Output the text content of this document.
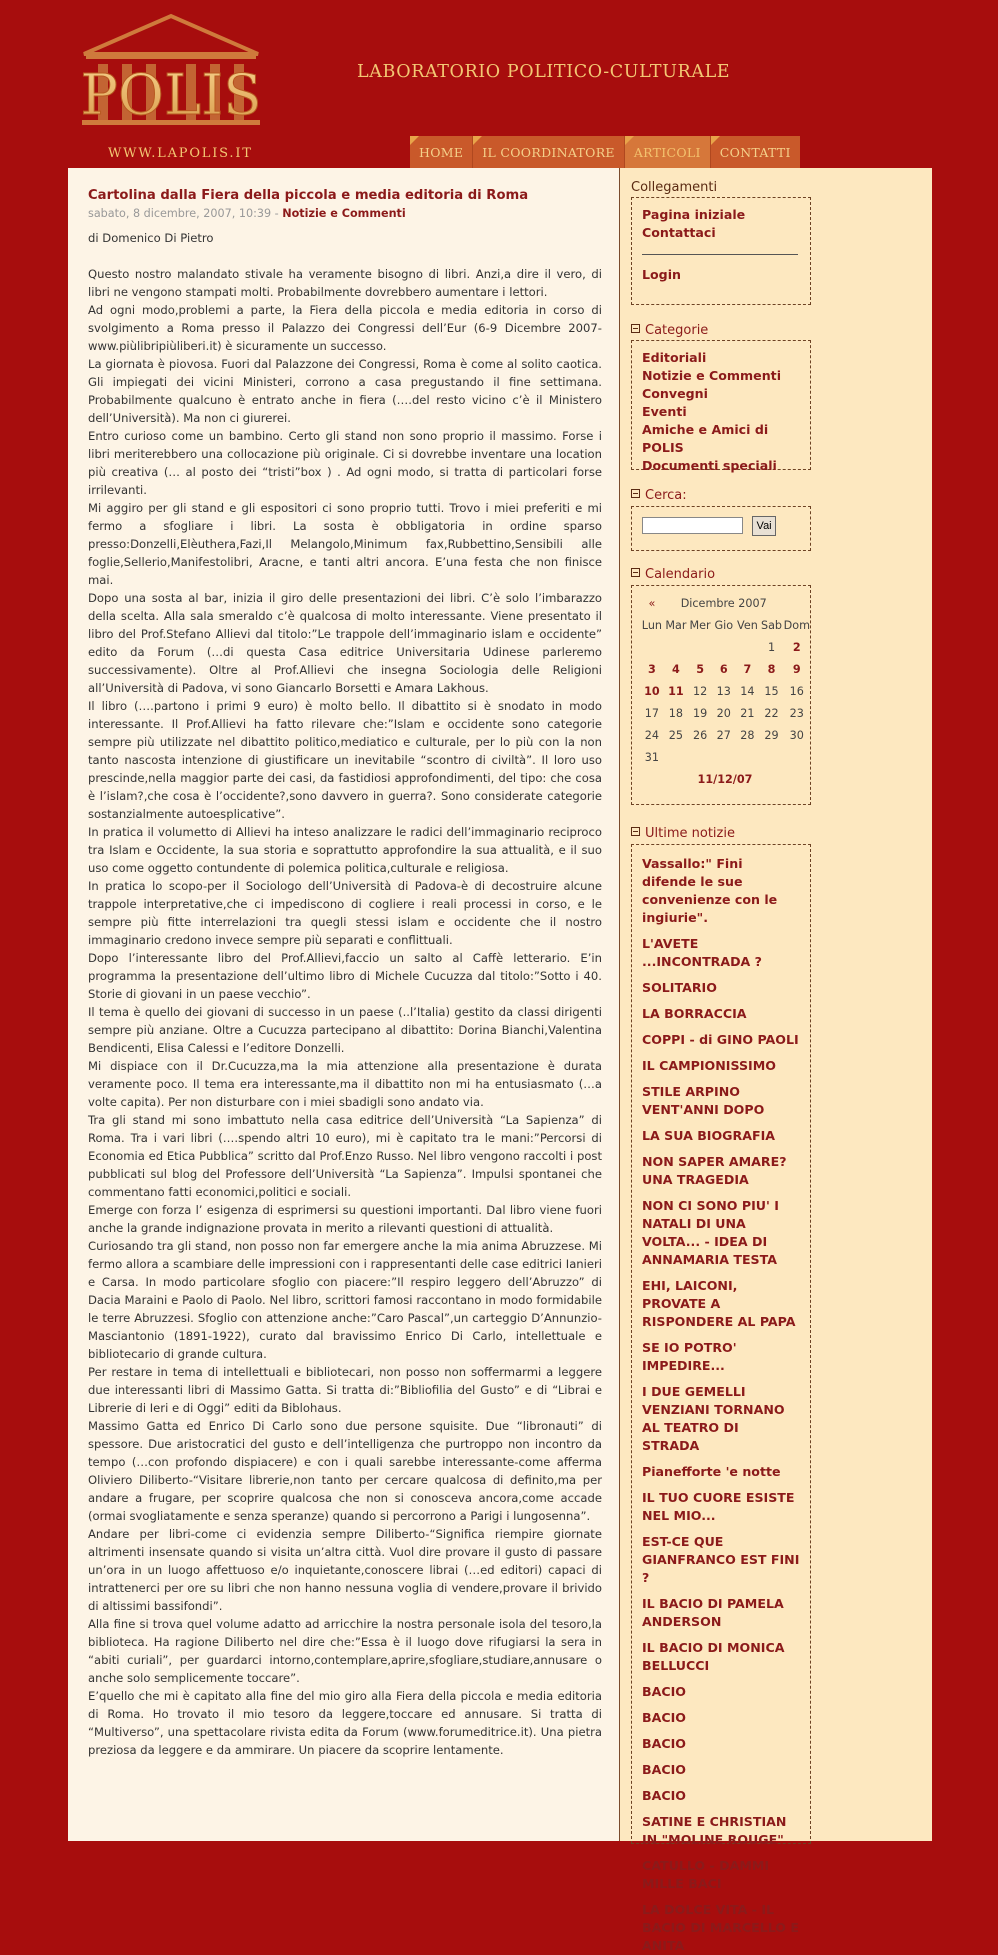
POLIS
WWW.LAPOLIS.IT
LABORATORIO POLITICO-CULTURALE
HOME	IL COORDINATORE	ARTICOLI	CONTATTI
Cartolina dalla Fiera della piccola e media editoria di Roma
sabato, 8 dicembre, 2007, 10:39 - Notizie e Commenti
di Domenico Di Pietro
Questo nostro malandato stivale ha veramente bisogno di libri. Anzi,a dire il vero, di libri ne vengono stampati molti. Probabilmente dovrebbero aumentare i lettori.
Ad ogni modo,problemi a parte, la Fiera della piccola e media editoria in corso di svolgimento a Roma presso il Palazzo dei Congressi dell’Eur (6-9 Dicembre 2007-www.piùlibripiùliberi.it) è sicuramente un successo.
La giornata è piovosa. Fuori dal Palazzone dei Congressi, Roma è come al solito caotica. Gli impiegati dei vicini Ministeri, corrono a casa pregustando il fine settimana. Probabilmente qualcuno è entrato anche in fiera (….del resto vicino c’è il Ministero dell’Università). Ma non ci giurerei.
Entro curioso come un bambino. Certo gli stand non sono proprio il massimo. Forse i libri meriterebbero una collocazione più originale. Ci si dovrebbe inventare una location più creativa (… al posto dei “tristi”box ) . Ad ogni modo, si tratta di particolari forse irrilevanti.
Mi aggiro per gli stand e gli espositori ci sono proprio tutti. Trovo i miei preferiti e mi fermo a sfogliare i libri. La sosta è obbligatoria in ordine sparso presso:Donzelli,Elèuthera,Fazi,Il Melangolo,Minimum fax,Rubbettino,Sensibili alle foglie,Sellerio,Manifestolibri, Aracne, e tanti altri ancora. E’una festa che non finisce mai.
Dopo una sosta al bar, inizia il giro delle presentazioni dei libri. C’è solo l’imbarazzo della scelta. Alla sala smeraldo c’è qualcosa di molto interessante. Viene presentato il libro del Prof.Stefano Allievi dal titolo:”Le trappole dell’immaginario islam e occidente” edito da Forum (…di questa Casa editrice Universitaria Udinese parleremo successivamente). Oltre al Prof.Allievi che insegna Sociologia delle Religioni all’Università di Padova, vi sono Giancarlo Borsetti e Amara Lakhous.
Il libro (….partono i primi 9 euro) è molto bello. Il dibattito si è snodato in modo interessante. Il Prof.Allievi ha fatto rilevare che:”Islam e occidente sono categorie sempre più utilizzate nel dibattito politico,mediatico e culturale, per lo più con la non tanto nascosta intenzione di giustificare un inevitabile “scontro di civiltà”. Il loro uso prescinde,nella maggior parte dei casi, da fastidiosi approfondimenti, del tipo: che cosa è l’islam?,che cosa è l’occidente?,sono davvero in guerra?. Sono considerate categorie sostanzialmente autoesplicative”.
In pratica il volumetto di Allievi ha inteso analizzare le radici dell’immaginario reciproco tra Islam e Occidente, la sua storia e soprattutto approfondire la sua attualità, e il suo uso come oggetto contundente di polemica politica,culturale e religiosa.
In pratica lo scopo-per il Sociologo dell’Università di Padova-è di decostruire alcune trappole interpretative,che ci impediscono di cogliere i reali processi in corso, e le sempre più fitte interrelazioni tra quegli stessi islam e occidente che il nostro immaginario credono invece sempre più separati e conflittuali.
Dopo l’interessante libro del Prof.Allievi,faccio un salto al Caffè letterario. E’in programma la presentazione dell’ultimo libro di Michele Cucuzza dal titolo:”Sotto i 40. Storie di giovani in un paese vecchio”.
Il tema è quello dei giovani di successo in un paese (..l’Italia) gestito da classi dirigenti sempre più anziane. Oltre a Cucuzza partecipano al dibattito: Dorina Bianchi,Valentina Bendicenti, Elisa Calessi e l’editore Donzelli.
Mi dispiace con il Dr.Cucuzza,ma la mia attenzione alla presentazione è durata veramente poco. Il tema era interessante,ma il dibattito non mi ha entusiasmato (…a volte capita). Per non disturbare con i miei sbadigli sono andato via.
Tra gli stand mi sono imbattuto nella casa editrice dell’Università “La Sapienza” di Roma. Tra i vari libri (….spendo altri 10 euro), mi è capitato tra le mani:”Percorsi di Economia ed Etica Pubblica” scritto dal Prof.Enzo Russo. Nel libro vengono raccolti i post pubblicati sul blog del Professore dell’Università “La Sapienza”. Impulsi spontanei che commentano fatti economici,politici e sociali.
Emerge con forza l’ esigenza di esprimersi su questioni importanti. Dal libro viene fuori anche la grande indignazione provata in merito a rilevanti questioni di attualità.
Curiosando tra gli stand, non posso non far emergere anche la mia anima Abruzzese. Mi fermo allora a scambiare delle impressioni con i rappresentanti delle case editrici Ianieri e Carsa. In modo particolare sfoglio con piacere:”Il respiro leggero dell’Abruzzo” di Dacia Maraini e Paolo di Paolo. Nel libro, scrittori famosi raccontano in modo formidabile le terre Abruzzesi. Sfoglio con attenzione anche:”Caro Pascal”,un carteggio D’Annunzio-Masciantonio (1891-1922), curato dal bravissimo Enrico Di Carlo, intellettuale e bibliotecario di grande cultura.
Per restare in tema di intellettuali e bibliotecari, non posso non soffermarmi a leggere due interessanti libri di Massimo Gatta. Si tratta di:”Bibliofilia del Gusto” e di “Librai e Librerie di Ieri e di Oggi” editi da Biblohaus.
Massimo Gatta ed Enrico Di Carlo sono due persone squisite. Due “libronauti” di spessore. Due aristocratici del gusto e dell’intelligenza che purtroppo non incontro da tempo (…con profondo dispiacere) e con i quali sarebbe interessante-come afferma Oliviero Diliberto-“Visitare librerie,non tanto per cercare qualcosa di definito,ma per andare a frugare, per scoprire qualcosa che non si conosceva ancora,come accade (ormai svogliatamente e senza speranze) quando si percorrono a Parigi i lungosenna”.
Andare per libri-come ci evidenzia sempre Diliberto-“Significa riempire giornate altrimenti insensate quando si visita un’altra città. Vuol dire provare il gusto di passare un’ora in un luogo affettuoso e/o inquietante,conoscere librai (…ed editori) capaci di intrattenerci per ore su libri che non hanno nessuna voglia di vendere,provare il brivido di altissimi bassifondi”.
Alla fine si trova quel volume adatto ad arricchire la nostra personale isola del tesoro,la biblioteca. Ha ragione Diliberto nel dire che:”Essa è il luogo dove rifugiarsi la sera in “abiti curiali”, per guardarci intorno,contemplare,aprire,sfogliare,studiare,annusare o anche solo semplicemente toccare”.
E’quello che mi è capitato alla fine del mio giro alla Fiera della piccola e media editoria di Roma. Ho trovato il mio tesoro da leggere,toccare ed annusare. Si tratta di “Multiverso”, una spettacolare rivista edita da Forum (www.forumeditrice.it). Una pietra preziosa da leggere e da ammirare. Un piacere da scoprire lentamente.
Collegamenti
Pagina iniziale
Contattaci
Login
Categorie
Editoriali
Notizie e Commenti
Convegni
Eventi
Amiche e Amici di POLIS
Documenti speciali
Cerca:
Vai
Calendario
«	Dicembre 2007					
Lun	Mar	Mer	Gio	Ven	Sab	Dom
					1	2
3	4	5	6	7	8	9
10	11	12	13	14	15	16
17	18	19	20	21	22	23
24	25	26	27	28	29	30
31						
11/12/07						
Ultime notizie
Vassallo:" Fini difende le sue convenienze con le ingiurie".
L'AVETE ...INCONTRADA ?
SOLITARIO
LA BORRACCIA
COPPI - di GINO PAOLI
IL CAMPIONISSIMO
STILE ARPINO VENT'ANNI DOPO
LA SUA BIOGRAFIA
NON SAPER AMARE? UNA TRAGEDIA
NON CI SONO PIU' I NATALI DI UNA VOLTA... - IDEA DI ANNAMARIA TESTA
EHI, LAICONI, PROVATE A RISPONDERE AL PAPA
SE IO POTRO' IMPEDIRE...
I DUE GEMELLI VENZIANI TORNANO AL TEATRO DI STRADA
Pianefforte 'e notte
IL TUO CUORE ESISTE NEL MIO...
EST-CE QUE GIANFRANCO EST FINI ?
IL BACIO DI PAMELA ANDERSON
IL BACIO DI MONICA BELLUCCI
BACIO
BACIO
BACIO
BACIO
BACIO
SATINE E CHRISTIAN IN "MOLINE ROUGE"
CATULLO - DAMMI MILLE BACI
LA DOLCE VITA - IL BACIO DI MARCELLO E ANITA
